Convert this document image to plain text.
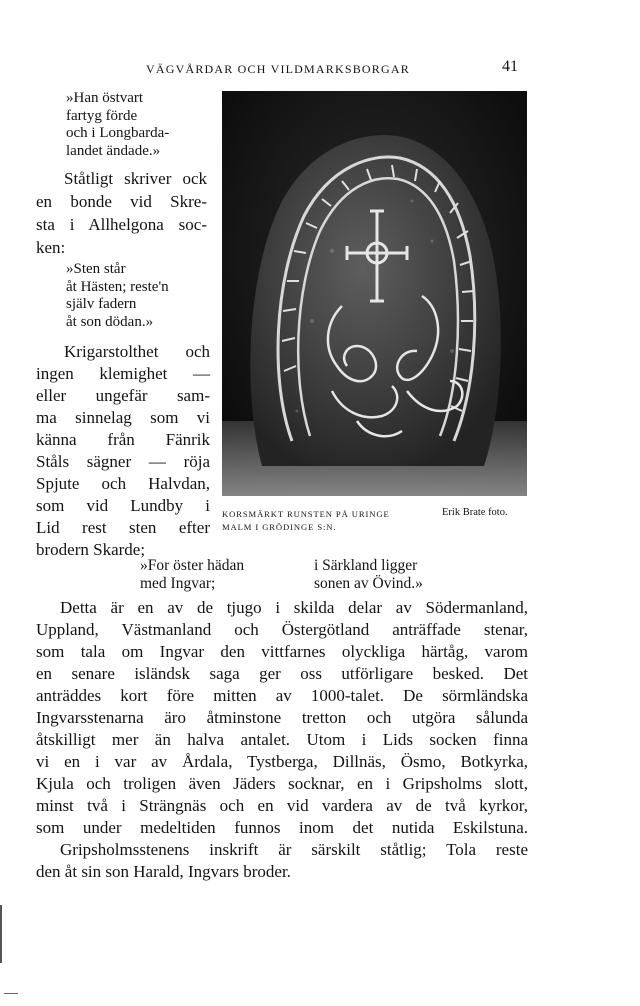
VÄGVÅRDAR OCH VILDMARKSBORGAR	41
»Han östvart
fartyg förde
och i Longbarda-
landet ändade.»
Ståtligt skriver ock
en bonde vid Skre-
sta i Allhelgona soc-
ken:
»Sten står
åt Hästen; reste'n
själv fadern
åt son dödan.»
Krigarstolthet och
ingen klemighet —
eller ungefär sam-
ma sinnelag som vi
känna från Fänrik
Ståls sägner — röja
Spjute och Halvdan,
som vid Lundby i
Lid rest sten efter
brodern Skarde;
KORSMÄRKT RUNSTEN PÅ URINGE
MALM I GRÖDINGE S:N.
Erik Brate foto.
»For öster hädan
med Ingvar;
i Särkland ligger
sonen av Övind.»
Detta är en av de tjugo i skilda delar av Södermanland,
Uppland, Västmanland och Östergötland anträffade stenar,
som tala om Ingvar den vittfarnes olyckliga härtåg, varom
en senare isländsk saga ger oss utförligare besked. Det
anträddes kort före mitten av 1000-talet. De sörmländska
Ingvarsstenarna äro åtminstone tretton och utgöra sålunda
åtskilligt mer än halva antalet. Utom i Lids socken finna
vi en i var av Årdala, Tystberga, Dillnäs, Ösmo, Botkyrka,
Kjula och troligen även Jäders socknar, en i Gripsholms slott,
minst två i Strängnäs och en vid vardera av de två kyrkor,
som under medeltiden funnos inom det nutida Eskilstuna.
Gripsholmsstenens inskrift är särskilt ståtlig; Tola reste
den åt sin son Harald, Ingvars broder.
